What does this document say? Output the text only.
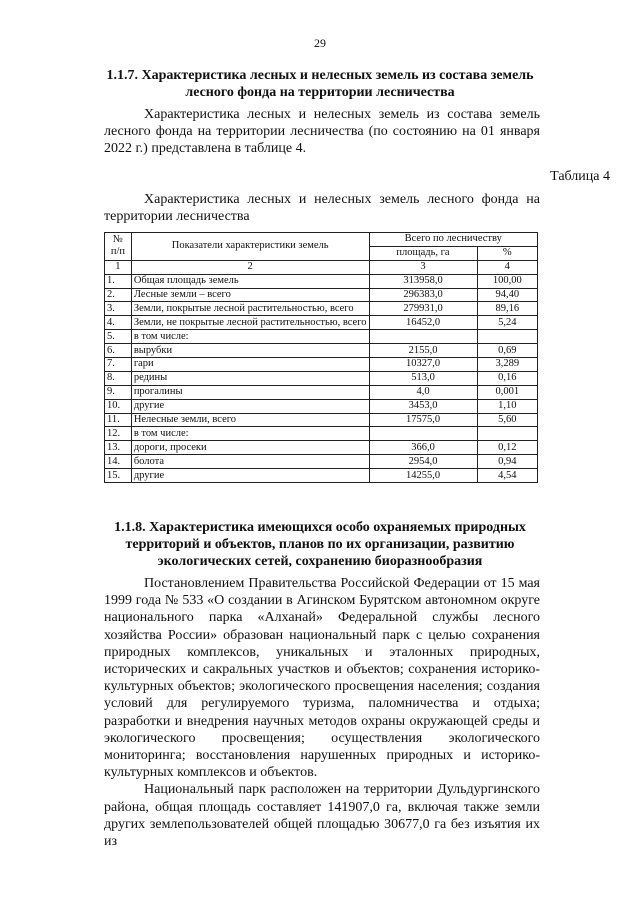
29
1.1.7. Характеристика лесных и нелесных земель из состава земель
лесного фонда на территории лесничества

Характеристика лесных и нелесных земель из состава земель лесного фонда на территории лесничества (по состоянию на 01 января 2022 г.) представлена в таблице 4.

Таблица 4

Характеристика лесных и нелесных земель лесного фонда на территории лесничества

№
п/п	Показатели характеристики земель	Всего по лесничеству	
		площадь, га	%
1	2	3	4
1.	Общая площадь земель	313958,0	100,00
2.	Лесные земли – всего	296383,0	94,40
3.	Земли, покрытые лесной растительностью, всего	279931,0	89,16
4.	Земли, не покрытые лесной растительностью, всего	16452,0	5,24
5.	в том числе:		
6.	вырубки	2155,0	0,69
7.	гари	10327,0	3,289
8.	редины	513,0	0,16
9.	прогалины	4,0	0,001
10.	другие	3453,0	1,10
11.	Нелесные земли, всего	17575,0	5,60
12.	в том числе:		
13.	дороги, просеки	366,0	0,12
14.	болота	2954,0	0,94
15.	другие	14255,0	4,54
1.1.8. Характеристика имеющихся особо охраняемых природных
территорий и объектов, планов по их организации, развитию
экологических сетей, сохранению биоразнообразия

Постановлением Правительства Российской Федерации от 15 мая 1999 года № 533 «О создании в Агинском Бурятском автономном округе национального парка «Алханай» Федеральной службы лесного хозяйства России» образован национальный парк с целью сохранения природных комплексов, уникальных и эталонных природных, исторических и сакральных участков и объектов; сохранения историко-культурных объектов; экологического просвещения населения; создания условий для регулируемого туризма, паломничества и отдыха; разработки и внедрения научных методов охраны окружающей среды и экологического просвещения; осуществления экологического мониторинга; восстановления нарушенных природных и историко-культурных комплексов и объектов.

Национальный парк расположен на территории Дульдургинского района, общая площадь составляет 141907,0 га, включая также земли других землепользователей общей площадью 30677,0 га без изъятия их из
